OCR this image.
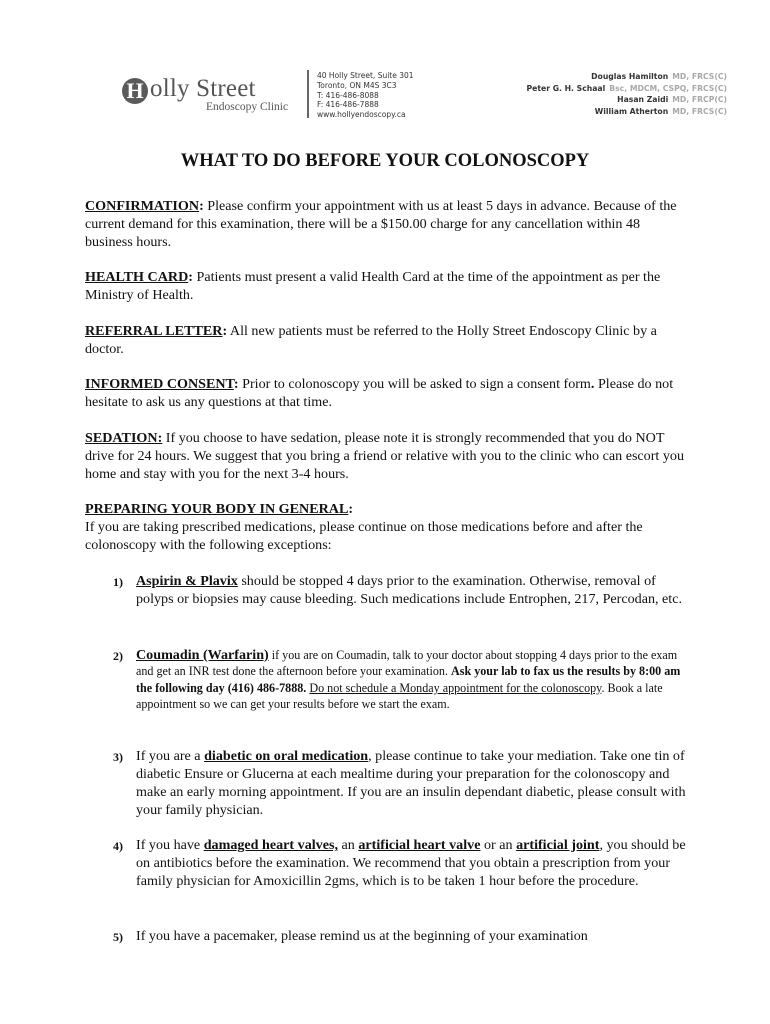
H olly Street
Endoscopy Clinic
40 Holly Street, Suite 301
Toronto, ON M4S 3C3
T: 416-486-8088
F: 416-486-7888
www.hollyendoscopy.ca
Douglas Hamilton MD, FRCS(C)
Peter G. H. Schaal Bsc, MDCM, CSPQ, FRCS(C)
Hasan Zaidi MD, FRCP(C)
William Atherton MD, FRCS(C)
WHAT TO DO BEFORE YOUR COLONOSCOPY

CONFIRMATION: Please confirm your appointment with us at least 5 days in advance. Because of the current demand for this examination, there will be a $150.00 charge for any cancellation within 48 business hours.

HEALTH CARD: Patients must present a valid Health Card at the time of the appointment as per the Ministry of Health.

REFERRAL LETTER: All new patients must be referred to the Holly Street Endoscopy Clinic by a doctor.

INFORMED CONSENT: Prior to colonoscopy you will be asked to sign a consent form. Please do not hesitate to ask us any questions at that time.

SEDATION: If you choose to have sedation, please note it is strongly recommended that you do NOT drive for 24 hours. We suggest that you bring a friend or relative with you to the clinic who can escort you home and stay with you for the next 3-4 hours.

PREPARING YOUR BODY IN GENERAL:

If you are taking prescribed medications, please continue on those medications before and after the colonoscopy with the following exceptions:

1) Aspirin & Plavix should be stopped 4 days prior to the examination. Otherwise, removal of polyps or biopsies may cause bleeding. Such medications include Entrophen, 217, Percodan, etc.
2) Coumadin (Warfarin) if you are on Coumadin, talk to your doctor about stopping 4 days prior to the exam and get an INR test done the afternoon before your examination. Ask your lab to fax us the results by 8:00 am the following day (416) 486-7888. Do not schedule a Monday appointment for the colonoscopy. Book a late appointment so we can get your results before we start the exam.
3) If you are a diabetic on oral medication, please continue to take your mediation. Take one tin of diabetic Ensure or Glucerna at each mealtime during your preparation for the colonoscopy and make an early morning appointment. If you are an insulin dependant diabetic, please consult with your family physician.
4) If you have damaged heart valves, an artificial heart valve or an artificial joint, you should be on antibiotics before the examination. We recommend that you obtain a prescription from your family physician for Amoxicillin 2gms, which is to be taken 1 hour before the procedure.
5) If you have a pacemaker, please remind us at the beginning of your examination
